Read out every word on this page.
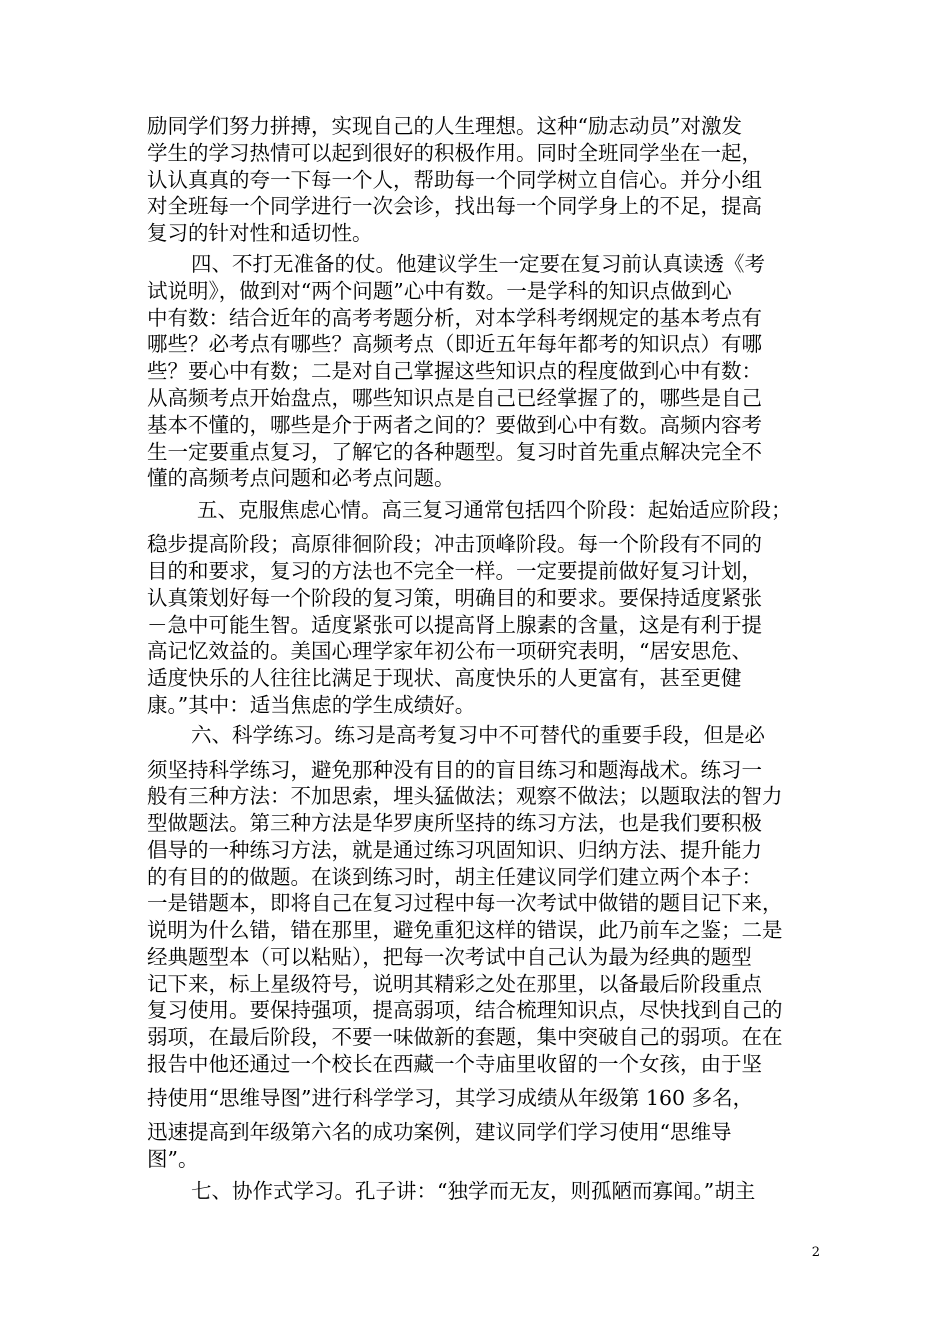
励同学们努力拼搏，实现自己的人生理想。这种“励志动员”对激发
学生的学习热情可以起到很好的积极作用。同时全班同学坐在一起，
认认真真的夸一下每一个人，帮助每一个同学树立自信心。并分小组
对全班每一个同学进行一次会诊，找出每一个同学身上的不足，提高
复习的针对性和适切性。
四、不打无准备的仗。他建议学生一定要在复习前认真读透《考
试说明》，做到对“两个问题”心中有数。一是学科的知识点做到心
中有数：结合近年的高考考题分析，对本学科考纲规定的基本考点有
哪些？必考点有哪些？高频考点（即近五年每年都考的知识点）有哪
些？要心中有数；二是对自己掌握这些知识点的程度做到心中有数：
从高频考点开始盘点，哪些知识点是自己已经掌握了的，哪些是自己
基本不懂的，哪些是介于两者之间的？要做到心中有数。高频内容考
生一定要重点复习，了解它的各种题型。复习时首先重点解决完全不
懂的高频考点问题和必考点问题。
五、克服焦虑心情。高三复习通常包括四个阶段：起始适应阶段；
稳步提高阶段；高原徘徊阶段；冲击顶峰阶段。每一个阶段有不同的
目的和要求，复习的方法也不完全一样。一定要提前做好复习计划，
认真策划好每一个阶段的复习策，明确目的和要求。要保持适度紧张
－急中可能生智。适度紧张可以提高肾上腺素的含量，这是有利于提
高记忆效益的。美国心理学家年初公布一项研究表明，“居安思危、
适度快乐的人往往比满足于现状、高度快乐的人更富有，甚至更健
康。”其中：适当焦虑的学生成绩好。
六、科学练习。练习是高考复习中不可替代的重要手段，但是必
须坚持科学练习，避免那种没有目的的盲目练习和题海战术。练习一
般有三种方法：不加思索，埋头猛做法；观察不做法；以题取法的智力
型做题法。第三种方法是华罗庚所坚持的练习方法，也是我们要积极
倡导的一种练习方法，就是通过练习巩固知识、归纳方法、提升能力
的有目的的做题。在谈到练习时，胡主任建议同学们建立两个本子：
一是错题本，即将自己在复习过程中每一次考试中做错的题目记下来，
说明为什么错，错在那里，避免重犯这样的错误，此乃前车之鉴；二是
经典题型本（可以粘贴），把每一次考试中自己认为最为经典的题型
记下来，标上星级符号，说明其精彩之处在那里，以备最后阶段重点
复习使用。要保持强项，提高弱项，结合梳理知识点，尽快找到自己的
弱项，在最后阶段，不要一味做新的套题，集中突破自己的弱项。在在
报告中他还通过一个校长在西藏一个寺庙里收留的一个女孩，由于坚
持使用“思维导图”进行科学学习，其学习成绩从年级第 160 多名，
迅速提高到年级第六名的成功案例，建议同学们学习使用“思维导
图”。
七、协作式学习。孔子讲：“独学而无友，则孤陋而寡闻。”胡主
2
